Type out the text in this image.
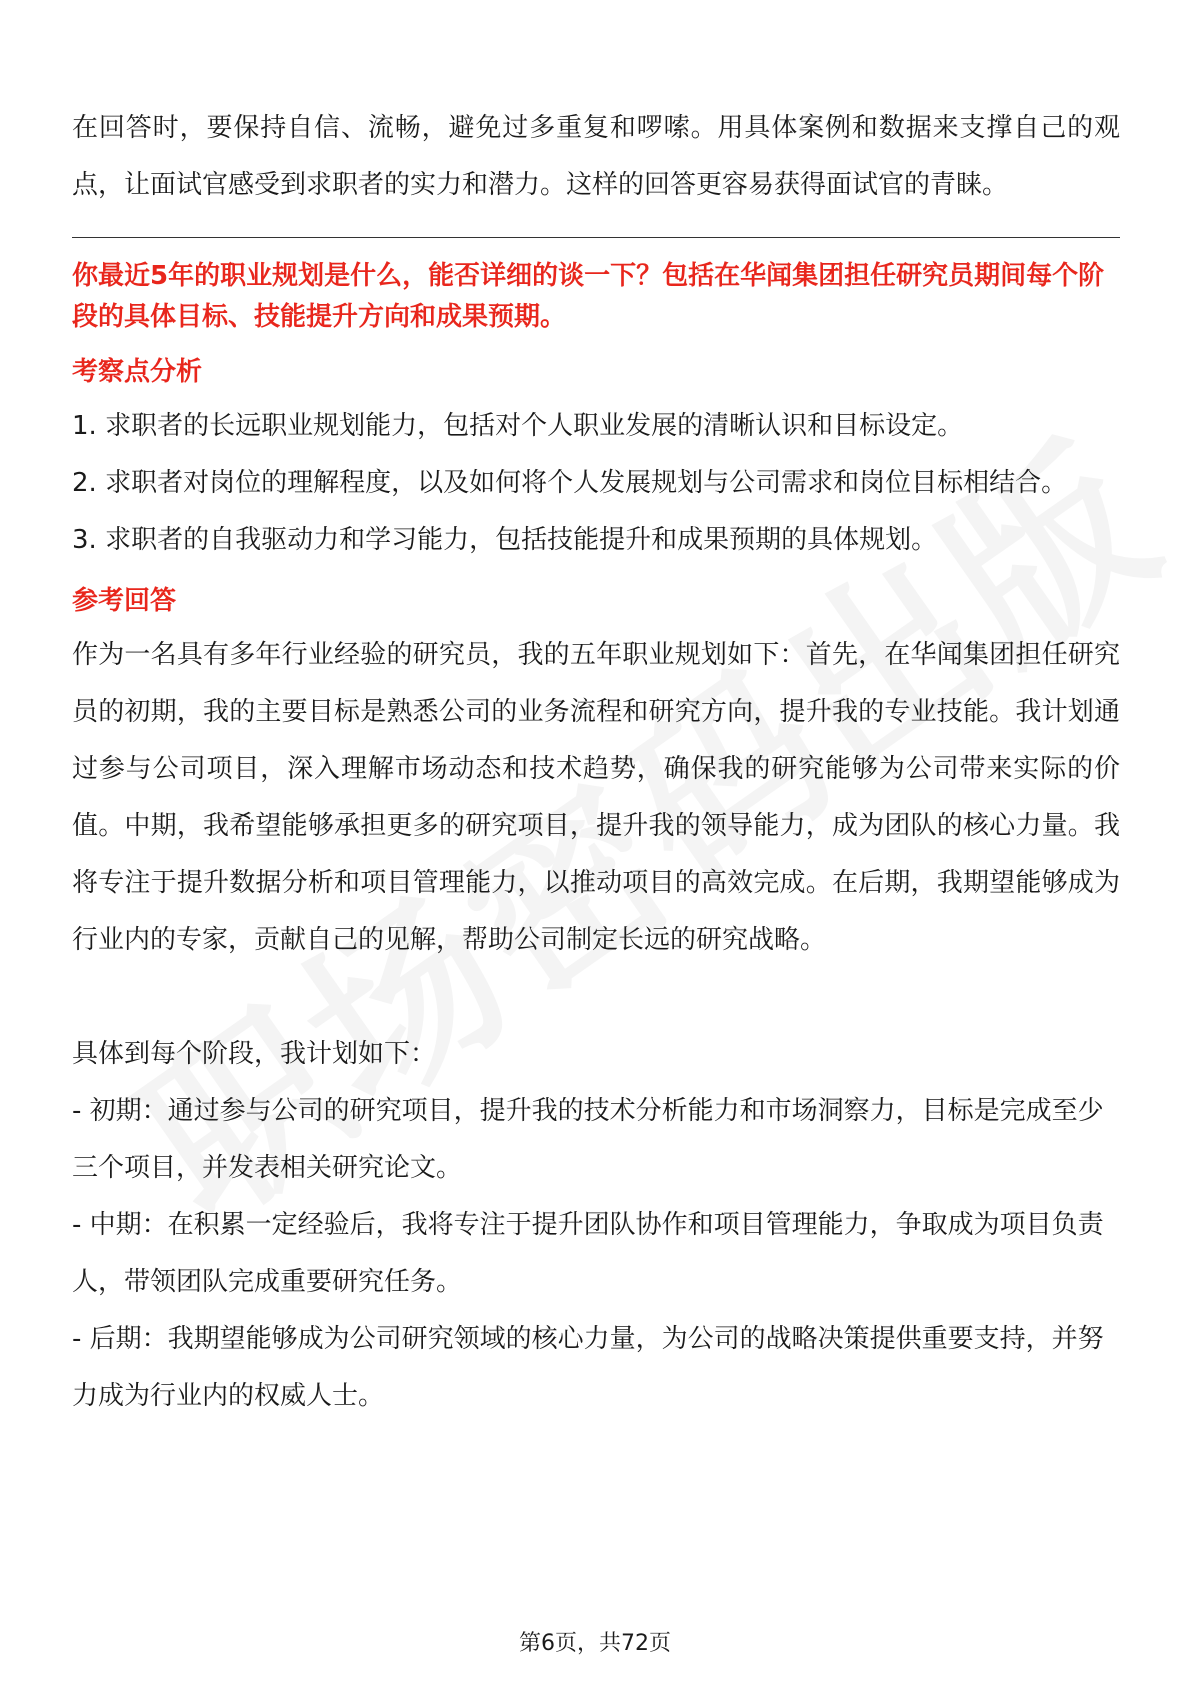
在回答时，要保持自信、流畅，避免过多重复和啰嗦。用具体案例和数据来支撑自己的观点，让面试官感受到求职者的实力和潜力。这样的回答更容易获得面试官的青睐。

你最近5年的职业规划是什么，能否详细的谈一下？包括在华闻集团担任研究员期间每个阶段的具体目标、技能提升方向和成果预期。

考察点分析

1. 求职者的长远职业规划能力，包括对个人职业发展的清晰认识和目标设定。

2. 求职者对岗位的理解程度，以及如何将个人发展规划与公司需求和岗位目标相结合。

3. 求职者的自我驱动力和学习能力，包括技能提升和成果预期的具体规划。

参考回答

作为一名具有多年行业经验的研究员，我的五年职业规划如下：首先，在华闻集团担任研究员的初期，我的主要目标是熟悉公司的业务流程和研究方向，提升我的专业技能。我计划通过参与公司项目，深入理解市场动态和技术趋势，确保我的研究能够为公司带来实际的价值。中期，我希望能够承担更多的研究项目，提升我的领导能力，成为团队的核心力量。我将专注于提升数据分析和项目管理能力，以推动项目的高效完成。在后期，我期望能够成为行业内的专家，贡献自己的见解，帮助公司制定长远的研究战略。

具体到每个阶段，我计划如下：

- 初期：通过参与公司的研究项目，提升我的技术分析能力和市场洞察力，目标是完成至少三个项目，并发表相关研究论文。

- 中期：在积累一定经验后，我将专注于提升团队协作和项目管理能力，争取成为项目负责人，带领团队完成重要研究任务。

- 后期：我期望能够成为公司研究领域的核心力量，为公司的战略决策提供重要支持，并努力成为行业内的权威人士。

第6页，共72页
